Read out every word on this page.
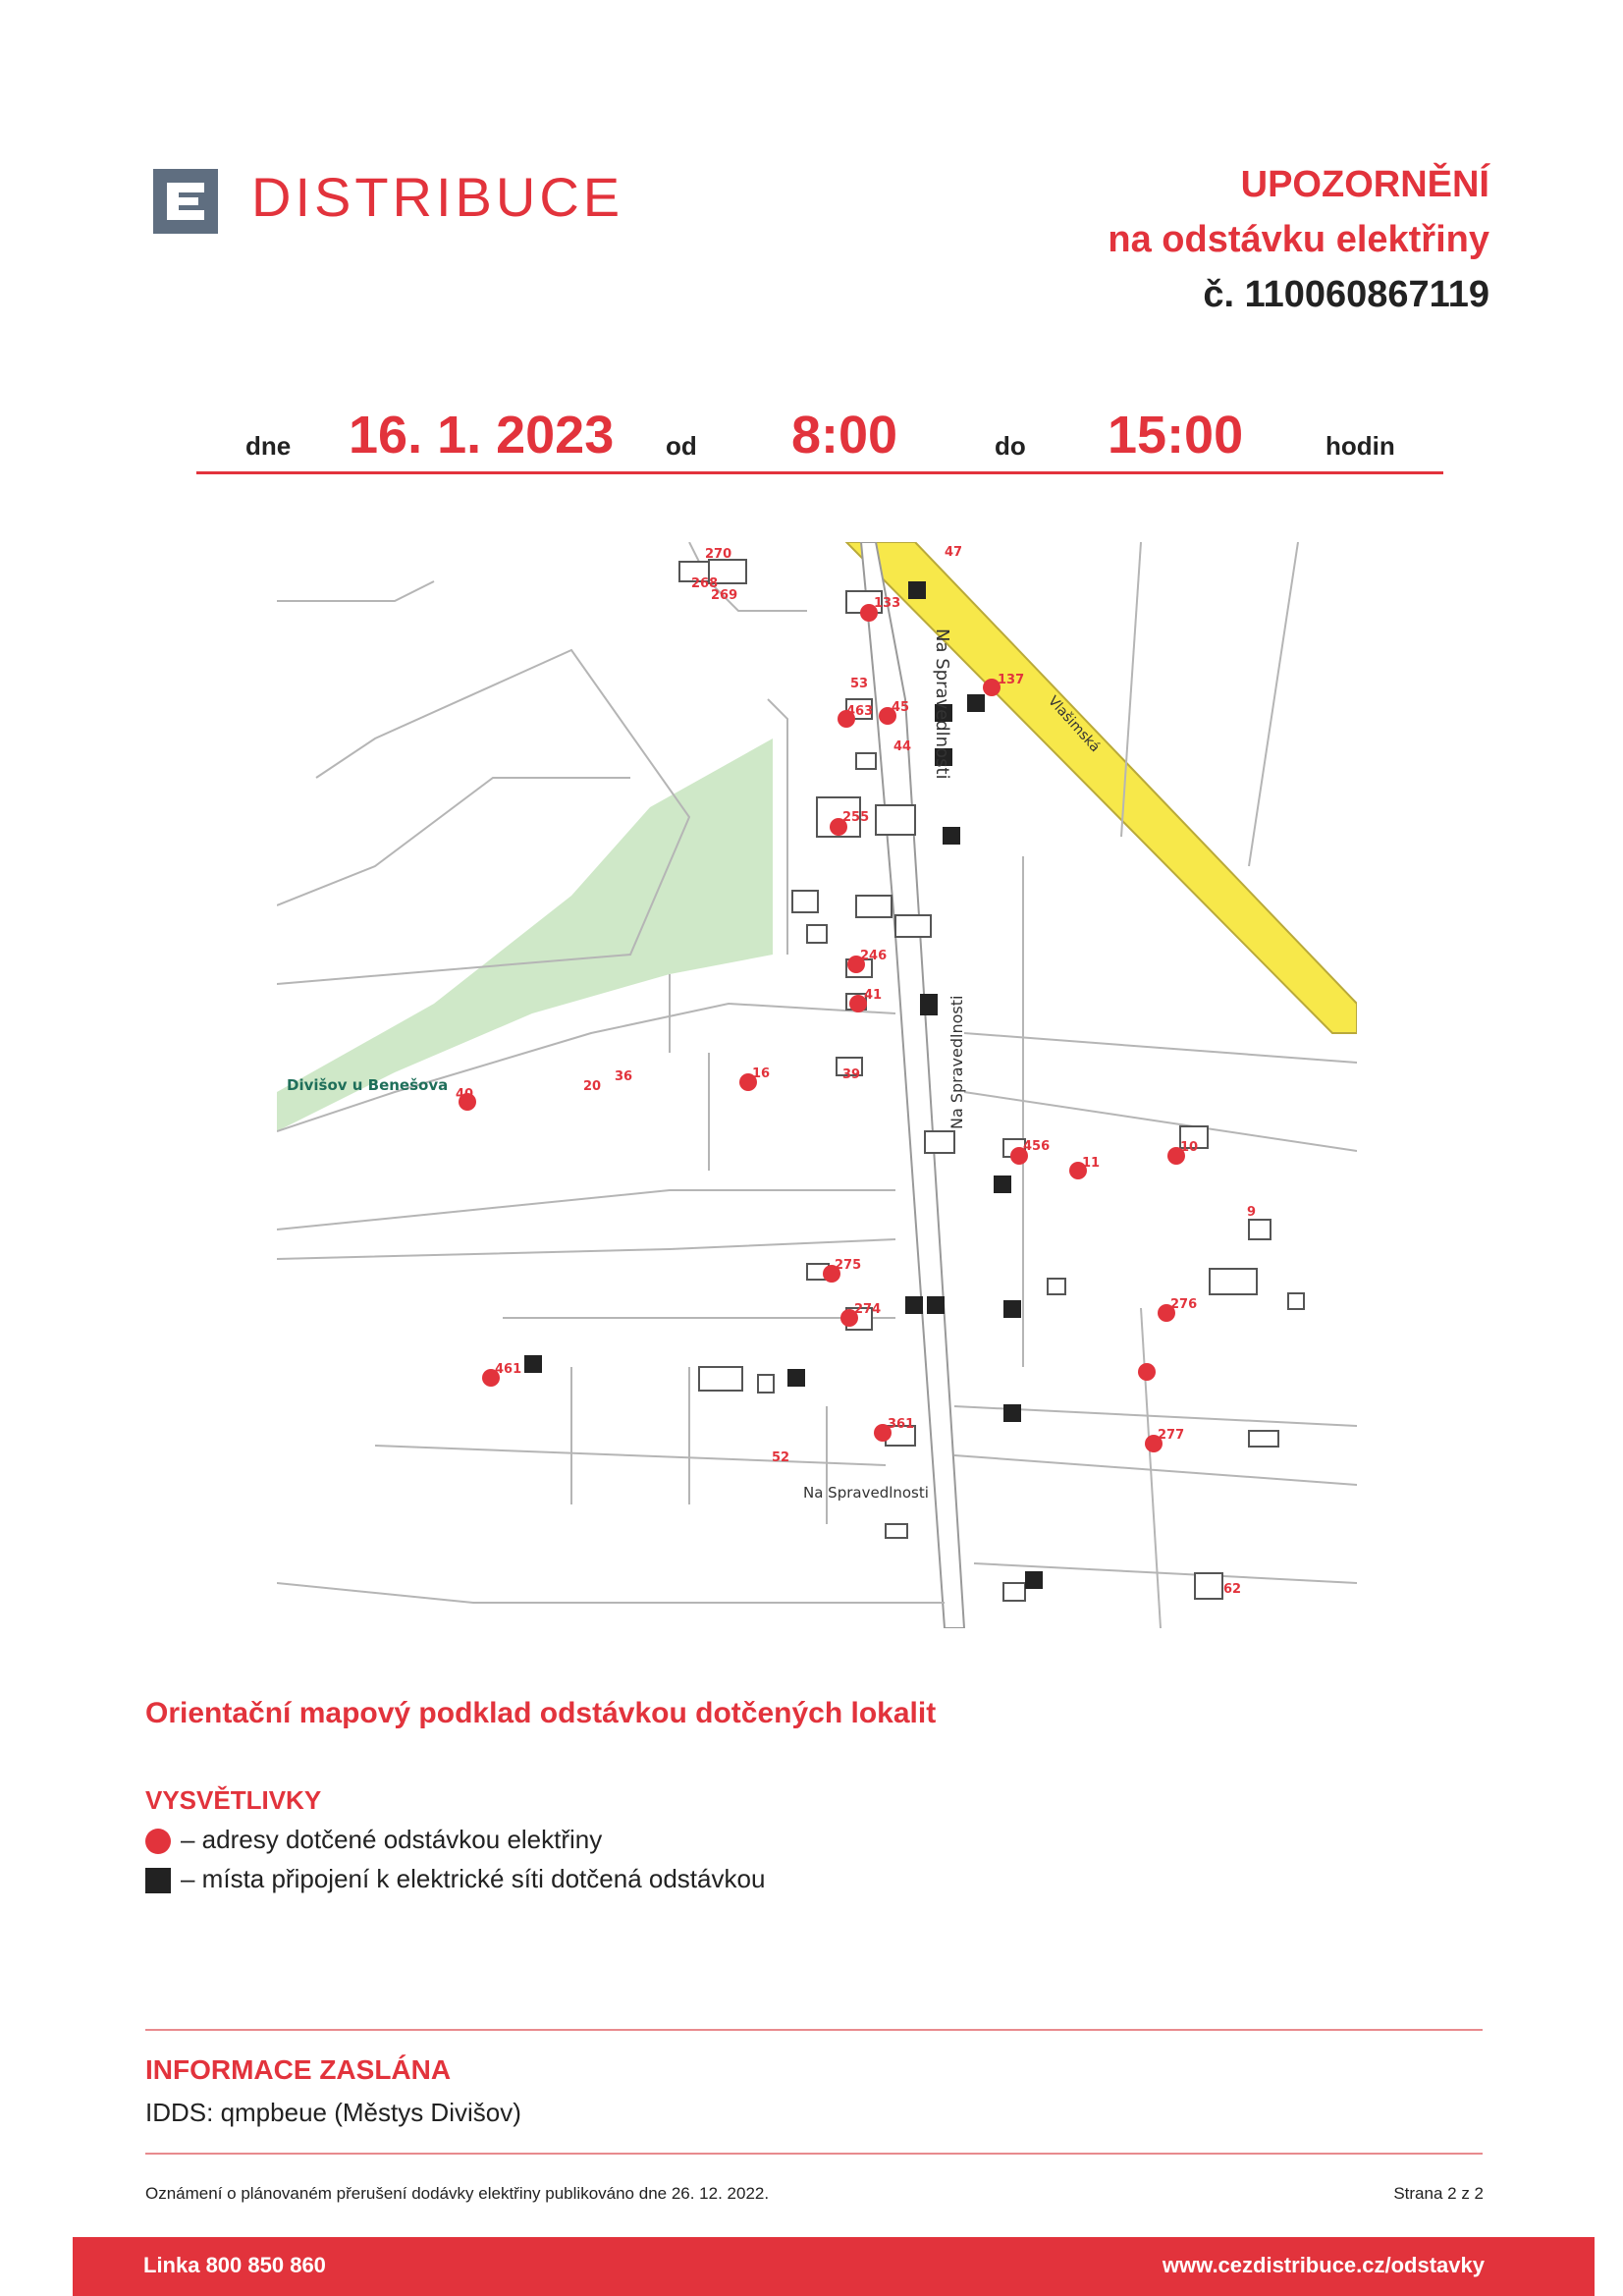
DISTRIBUCE	UPOZORNĚNÍ
na odstávku elektřiny
č. 110060867119
dne 16. 1. 2023 od 8:00	do 15:00	hodin
Na Spravedlnosti
Na Spravedlnosti
Vlašimská
Na Spravedlnosti
Divišov u Benešova
270
268
269
133
47
137
53
463 45
44
255
246
41
40
20
36	16	39
456
11
10
9
275
274	276
461
361
277
52
62
Orientační mapový podklad odstávkou dotčených lokalit
VYSVĚTLIVKY
– adresy dotčené odstávkou elektřiny
– místa připojení k elektrické síti dotčená odstávkou
INFORMACE ZASLÁNA
IDDS: qmpbeue (Městys Divišov)
Oznámení o plánovaném přerušení dodávky elektřiny publikováno dne 26. 12. 2022.	Strana 2 z 2
Linka 800 850 860	www.cezdistribuce.cz/odstavky
